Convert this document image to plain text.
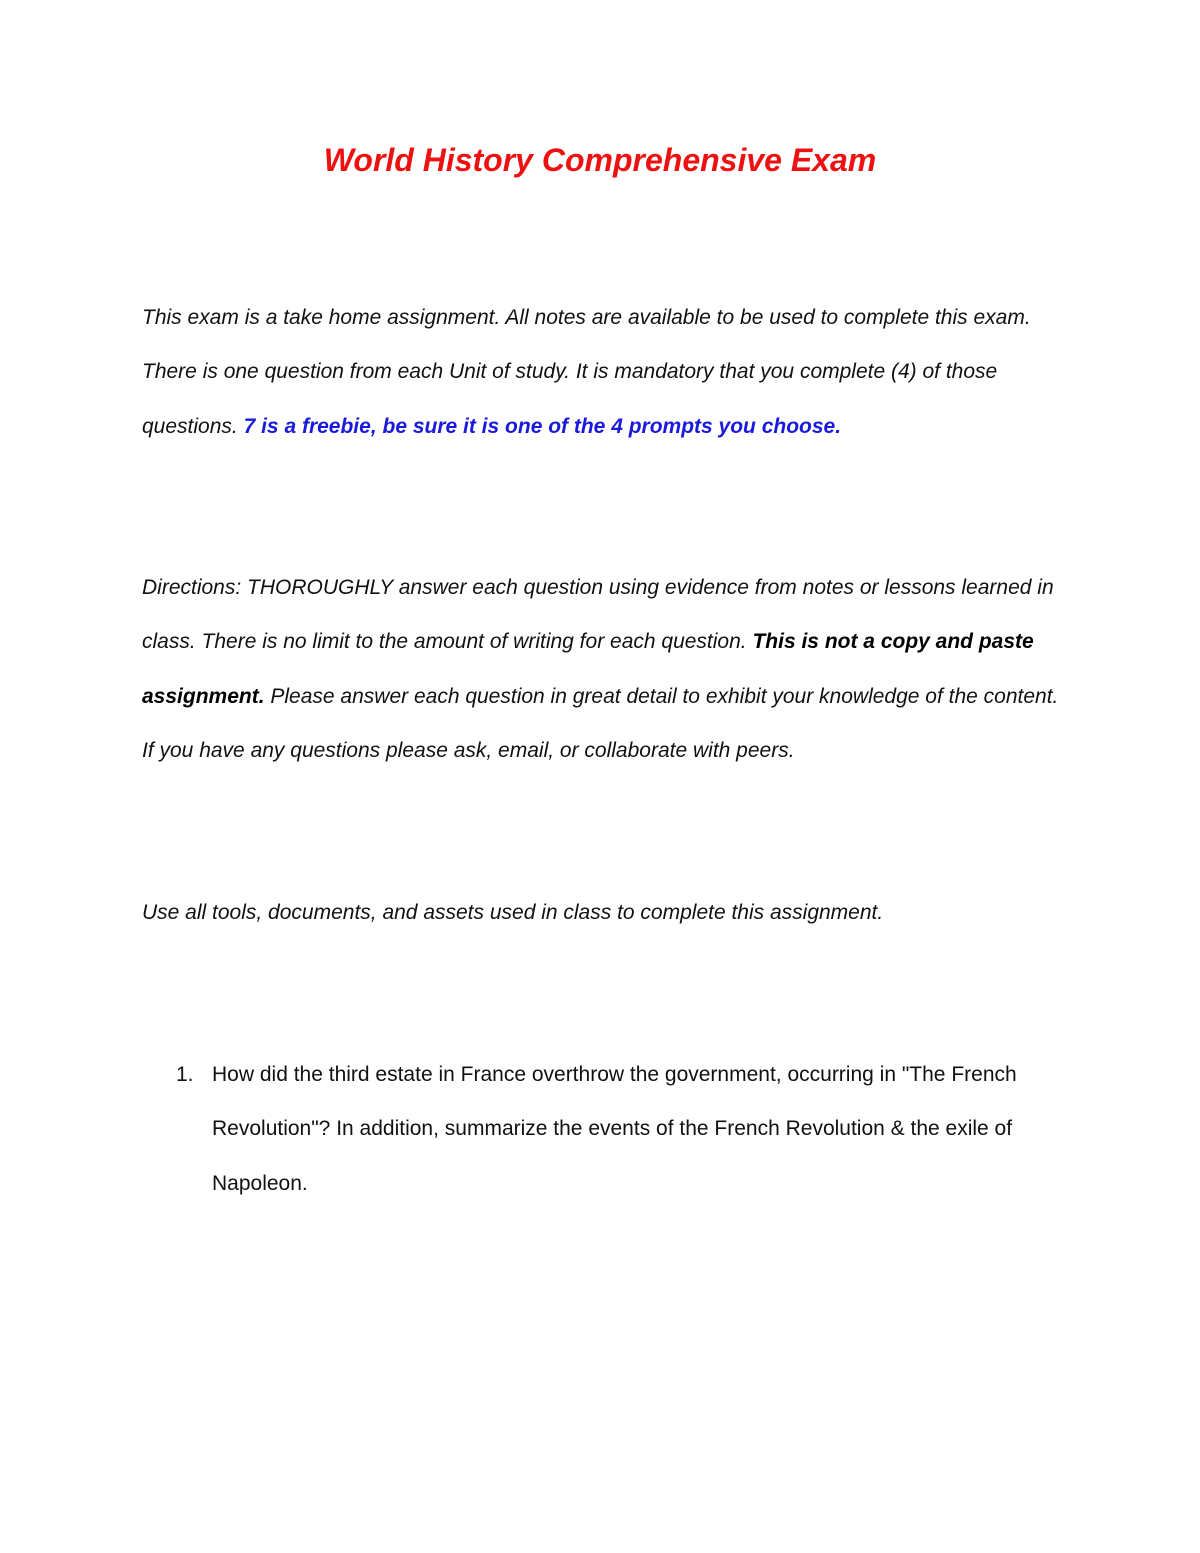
World History Comprehensive Exam

This exam is a take home assignment. All notes are available to be used to complete this exam. There is one question from each Unit of study. It is mandatory that you complete (4) of those questions. 7 is a freebie, be sure it is one of the 4 prompts you choose.

Directions: THOROUGHLY answer each question using evidence from notes or lessons learned in class. There is no limit to the amount of writing for each question. This is not a copy and paste assignment. Please answer each question in great detail to exhibit your knowledge of the content. If you have any questions please ask, email, or collaborate with peers.

Use all tools, documents, and assets used in class to complete this assignment.

1. How did the third estate in France overthrow the government, occurring in "The French Revolution"? In addition, summarize the events of the French Revolution & the exile of Napoleon.
